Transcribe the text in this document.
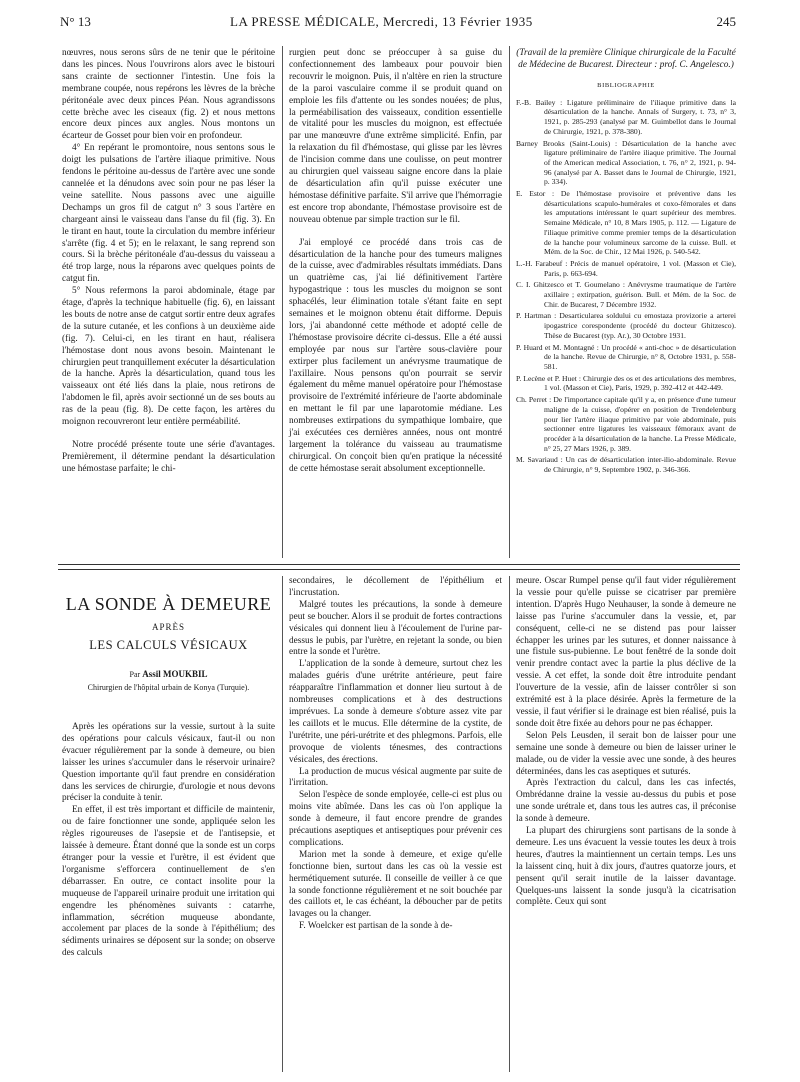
N° 13	LA PRESSE MÉDICALE, Mercredi, 13 Février 1935	245

nœuvres, nous serons sûrs de ne tenir que le péritoine dans les pinces. Nous l'ouvrirons alors avec le bistouri sans crainte de sectionner l'intestin. Une fois la membrane coupée, nous repérons les lèvres de la brèche péritonéale avec deux pinces Péan. Nous agrandissons cette brèche avec les ciseaux (fig. 2) et nous mettons encore deux pinces aux angles. Nous montons un écarteur de Gosset pour bien voir en profondeur.

4° En repérant le promontoire, nous sentons sous le doigt les pulsations de l'artère iliaque primitive. Nous fendons le péritoine au-dessus de l'artère avec une sonde cannelée et la dénudons avec soin pour ne pas léser la veine satellite. Nous passons avec une aiguille Dechamps un gros fil de catgut n° 3 sous l'artère en chargeant ainsi le vaisseau dans l'anse du fil (fig. 3). En le tirant en haut, toute la circulation du membre inférieur s'arrête (fig. 4 et 5); en le relaxant, le sang reprend son cours. Si la brèche péritonéale d'au-dessus du vaisseau a été trop large, nous la réparons avec quelques points de catgut fin.

5° Nous refermons la paroi abdominale, étage par étage, d'après la technique habituelle (fig. 6), en laissant les bouts de notre anse de catgut sortir entre deux agrafes de la suture cutanée, et les confions à un deuxième aide (fig. 7). Celui-ci, en les tirant en haut, réalisera l'hémostase dont nous avons besoin. Maintenant le chirurgien peut tranquillement exécuter la désarticulation de la hanche. Après la désarticulation, quand tous les vaisseaux ont été liés dans la plaie, nous retirons de l'abdomen le fil, après avoir sectionné un de ses bouts au ras de la peau (fig. 8). De cette façon, les artères du moignon recouvreront leur entière perméabilité.

Notre procédé présente toute une série d'avantages. Premièrement, il détermine pendant la désarticulation une hémostase parfaite; le chi-

rurgien peut donc se préoccuper à sa guise du confectionnement des lambeaux pour pouvoir bien recouvrir le moignon. Puis, il n'altère en rien la structure de la paroi vasculaire comme il se produit quand on emploie les fils d'attente ou les sondes nouées; de plus, la perméabilisation des vaisseaux, condition essentielle de vitalité pour les muscles du moignon, est effectuée par une manœuvre d'une extrême simplicité. Enfin, par la relaxation du fil d'hémostase, qui glisse par les lèvres de l'incision comme dans une coulisse, on peut montrer au chirurgien quel vaisseau saigne encore dans la plaie de désarticulation afin qu'il puisse exécuter une hémostase définitive parfaite. S'il arrive que l'hémorragie est encore trop abondante, l'hémostase provisoire est de nouveau obtenue par simple traction sur le fil.

J'ai employé ce procédé dans trois cas de désarticulation de la hanche pour des tumeurs malignes de la cuisse, avec d'admirables résultats immédiats. Dans un quatrième cas, j'ai lié définitivement l'artère hypogastrique : tous les muscles du moignon se sont sphacélés, leur élimination totale s'étant faite en sept semaines et le moignon obtenu était difforme. Depuis lors, j'ai abandonné cette méthode et adopté celle de l'hémostase provisoire décrite ci-dessus. Elle a été aussi employée par nous sur l'artère sous-clavière pour extirper plus facilement un anévrysme traumatique de l'axillaire. Nous pensons qu'on pourrait se servir également du même manuel opératoire pour l'hémostase provisoire de l'extrémité inférieure de l'aorte abdominale en mettant le fil par une laparotomie médiane. Les nombreuses extirpations du sympathique lombaire, que j'ai exécutées ces dernières années, nous ont montré largement la tolérance du vaisseau au traumatisme chirurgical. On conçoit bien qu'en pratique la nécessité de cette hémostase serait absolument exceptionnelle.

(Travail de la première Clinique chirurgicale de la Faculté de Médecine de Bucarest. Directeur : prof. C. Angelesco.)
BIBLIOGRAPHIE
F.-B. Bailey : Ligature préliminaire de l'iliaque primitive dans la désarticulation de la hanche. Annals of Surgery, t. 73, n° 3, 1921, p. 285-293 (analysé par M. Guimbellot dans le Journal de Chirurgie, 1921, p. 378-380).
Barney Brooks (Saint-Louis) : Désarticulation de la hanche avec ligature préliminaire de l'artère iliaque primitive. The Journal of the American medical Association, t. 76, n° 2, 1921, p. 94-96 (analysé par A. Basset dans le Journal de Chirurgie, 1921, p. 334).
E. Estor : De l'hémostase provisoire et préventive dans les désarticulations scapulo-humérales et coxo-fémorales et dans les amputations intéressant le quart supérieur des membres. Semaine Médicale, n° 10, 8 Mars 1905, p. 112. — Ligature de l'iliaque primitive comme premier temps de la désarticulation de la hanche pour volumineux sarcome de la cuisse. Bull. et Mém. de la Soc. de Chir., 12 Mai 1926, p. 540-542.
L.-H. Farabeuf : Précis de manuel opératoire, 1 vol. (Masson et Cie), Paris, p. 663-694.
C. I. Ghitzesco et T. Goumelano : Anévrysme traumatique de l'artère axillaire ; extirpation, guérison. Bull. et Mém. de la Soc. de Chir. de Bucarest, 7 Décembre 1932.
P. Hartman : Desarticularea soldului cu emostaza provizorie a arterei ipogastrice corespondente (procédé du docteur Ghitzesco). Thèse de Bucarest (typ. Ar.), 30 Octobre 1931.
P. Huard et M. Montagné : Un procédé « anti-choc » de désarticulation de la hanche. Revue de Chirurgie, n° 8, Octobre 1931, p. 558-581.
P. Lecène et P. Huet : Chirurgie des os et des articulations des membres, 1 vol. (Masson et Cie), Paris, 1929, p. 392-412 et 442-449.
Ch. Perret : De l'importance capitale qu'il y a, en présence d'une tumeur maligne de la cuisse, d'opérer en position de Trendelenburg pour lier l'artère iliaque primitive par voie abdominale, puis sectionner entre ligatures les vaisseaux fémoraux avant de procéder à la désarticulation de la hanche. La Presse Médicale, n° 25, 27 Mars 1926, p. 389.
M. Savariaud : Un cas de désarticulation inter-ilio-abdominale. Revue de Chirurgie, n° 9, Septembre 1902, p. 346-366.
LA SONDE À DEMEURE
APRÈS
LES CALCULS VÉSICAUX
Par Assil MOUKBIL
Chirurgien de l'hôpital urbain de Konya (Turquie).

Après les opérations sur la vessie, surtout à la suite des opérations pour calculs vésicaux, faut-il ou non évacuer régulièrement par la sonde à demeure, ou bien laisser les urines s'accumuler dans le réservoir urinaire? Question importante qu'il faut prendre en considération dans les services de chirurgie, d'urologie et nous devons préciser la conduite à tenir.

En effet, il est très important et difficile de maintenir, ou de faire fonctionner une sonde, appliquée selon les règles rigoureuses de l'asepsie et de l'antisepsie, et laissée à demeure. Étant donné que la sonde est un corps étranger pour la vessie et l'urètre, il est évident que l'organisme s'efforcera continuellement de s'en débarrasser. En outre, ce contact insolite pour la muqueuse de l'appareil urinaire produit une irritation qui engendre les phénomènes suivants : catarrhe, inflammation, sécrétion muqueuse abondante, accolement par places de la sonde à l'épithélium; des sédiments urinaires se déposent sur la sonde; on observe des calculs

secondaires, le décollement de l'épithélium et l'incrustation.

Malgré toutes les précautions, la sonde à demeure peut se boucher. Alors il se produit de fortes contractions vésicales qui donnent lieu à l'écoulement de l'urine par-dessus le pubis, par l'urètre, en rejetant la sonde, ou bien entre la sonde et l'urètre.

L'application de la sonde à demeure, surtout chez les malades guéris d'une urétrite antérieure, peut faire réapparaître l'inflammation et donner lieu surtout à de nombreuses complications et à des destructions imprévues. La sonde à demeure s'obture assez vite par les caillots et le mucus. Elle détermine de la cystite, de l'urétrite, une péri-urétrite et des phlegmons. Parfois, elle provoque de violents ténesmes, des contractions vésicales, des érections.

La production de mucus vésical augmente par suite de l'irritation.

Selon l'espèce de sonde employée, celle-ci est plus ou moins vite abîmée. Dans les cas où l'on applique la sonde à demeure, il faut encore prendre de grandes précautions aseptiques et antiseptiques pour prévenir ces complications.

Marion met la sonde à demeure, et exige qu'elle fonctionne bien, surtout dans les cas où la vessie est hermétiquement suturée. Il conseille de veiller à ce que la sonde fonctionne régulièrement et ne soit bouchée par des caillots et, le cas échéant, la déboucher par de petits lavages ou la changer.

F. Woelcker est partisan de la sonde à de-

meure. Oscar Rumpel pense qu'il faut vider régulièrement la vessie pour qu'elle puisse se cicatriser par première intention. D'après Hugo Neuhauser, la sonde à demeure ne laisse pas l'urine s'accumuler dans la vessie, et, par conséquent, celle-ci ne se distend pas pour laisser échapper les urines par les sutures, et donner naissance à une fistule sus-pubienne. Le bout fenêtré de la sonde doit venir prendre contact avec la partie la plus déclive de la vessie. A cet effet, la sonde doit être introduite pendant l'ouverture de la vessie, afin de laisser contrôler si son extrémité est à la place désirée. Après la fermeture de la vessie, il faut vérifier si le drainage est bien réalisé, puis la sonde doit être fixée au dehors pour ne pas échapper.

Selon Pels Leusden, il serait bon de laisser pour une semaine une sonde à demeure ou bien de laisser uriner le malade, ou de vider la vessie avec une sonde, à des heures déterminées, dans les cas aseptiques et suturés.

Après l'extraction du calcul, dans les cas infectés, Ombrédanne draine la vessie au-dessus du pubis et pose une sonde urétrale et, dans tous les autres cas, il préconise la sonde à demeure.

La plupart des chirurgiens sont partisans de la sonde à demeure. Les uns évacuent la vessie toutes les deux à trois heures, d'autres la maintiennent un certain temps. Les uns la laissent cinq, huit à dix jours, d'autres quatorze jours, et pensent qu'il serait inutile de la laisser davantage. Quelques-uns laissent la sonde jusqu'à la cicatrisation complète. Ceux qui sont
